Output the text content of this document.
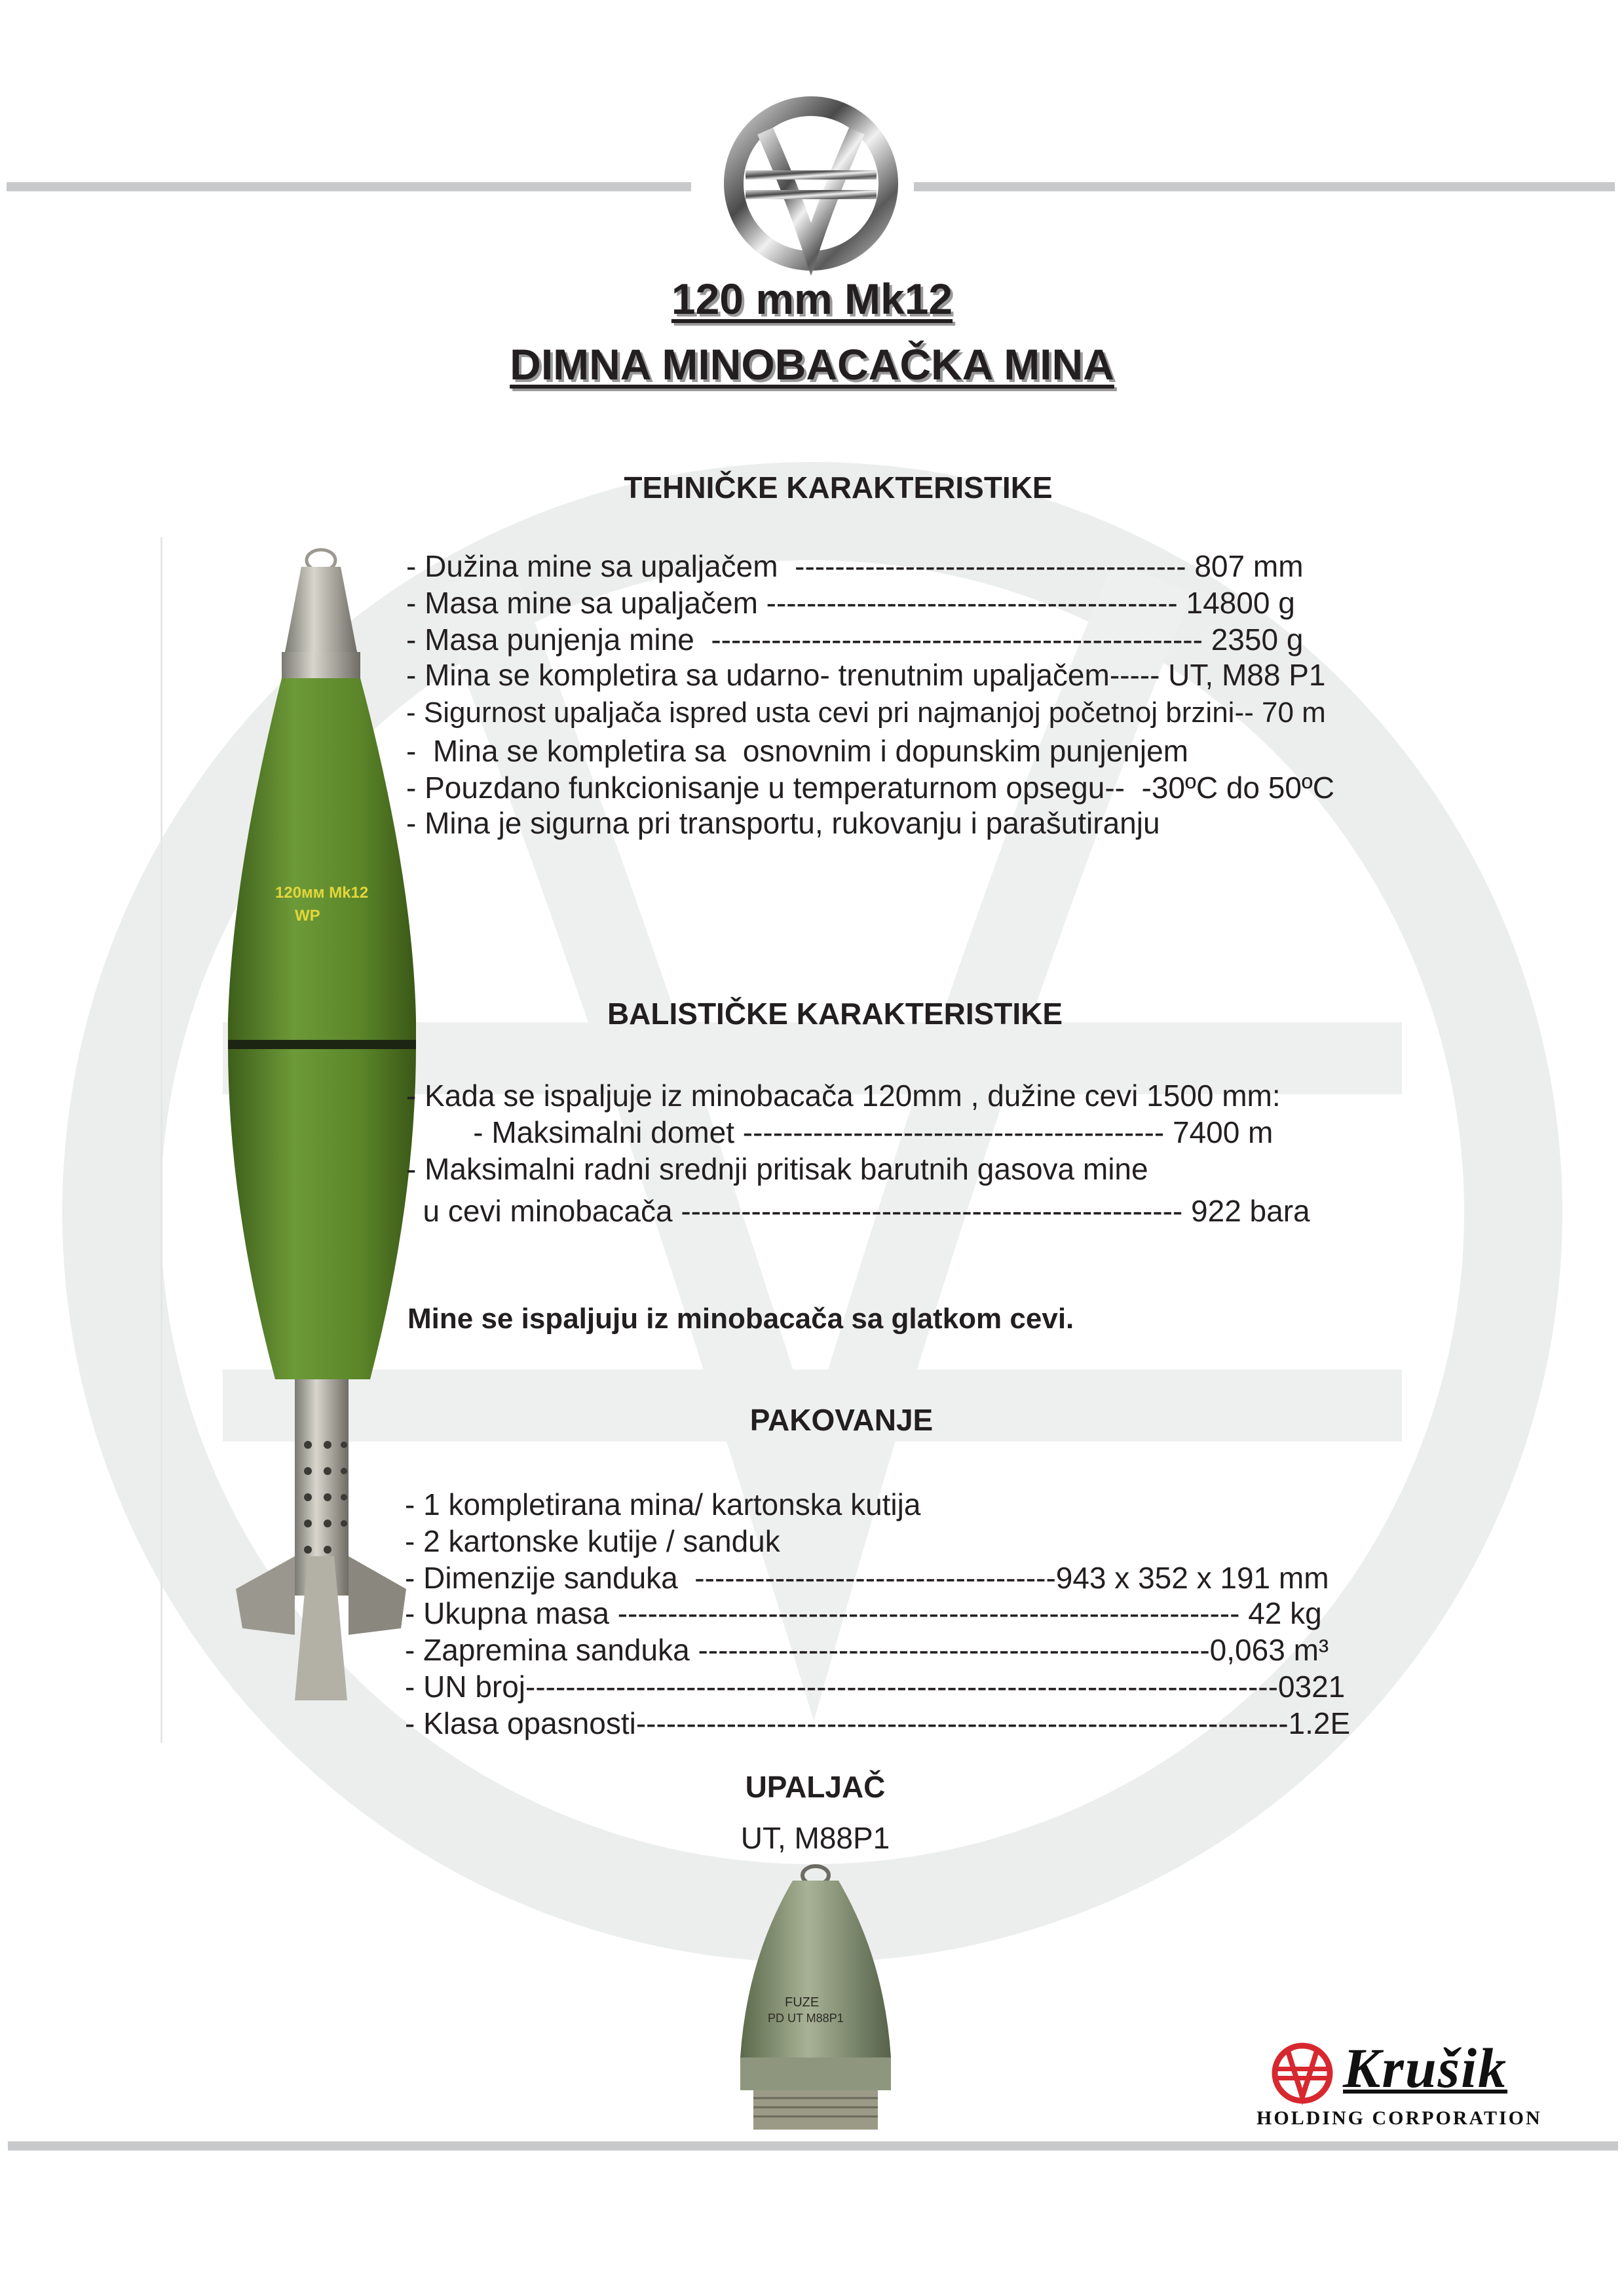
120 mm Mk12
DIMNA MINOBACAČKA MINA
120мм Mk12
WP
TEHNIČKE KARAKTERISTIKE
- Dužina mine sa upaljačem  --------------------------------------- 807 mm
- Masa mine sa upaljačem ----------------------------------------- 14800 g
- Masa punjenja mine  ------------------------------------------------- 2350 g
- Mina se kompletira sa udarno- trenutnim upaljačem----- UT, M88 P1
- Sigurnost upaljača ispred usta cevi pri najmanjoj početnoj brzini-- 70 m
-  Mina se kompletira sa  osnovnim i dopunskim punjenjem
- Pouzdano funkcionisanje u temperaturnom opsegu--  -30ºC do 50ºC
- Mina je sigurna pri transportu, rukovanju i parašutiranju
BALISTIČKE KARAKTERISTIKE
- Kada se ispaljuje iz minobacača 120mm , dužine cevi 1500 mm:
- Maksimalni domet ------------------------------------------ 7400 m
- Maksimalni radni srednji pritisak barutnih gasova mine
u cevi minobacača -------------------------------------------------- 922 bara
Mine se ispaljuju iz minobacača sa glatkom cevi.
PAKOVANJE
- 1 kompletirana mina/ kartonska kutija
- 2 kartonske kutije / sanduk
- Dimenzije sanduka  ------------------------------------943 x 352 x 191 mm
- Ukupna masa -------------------------------------------------------------- 42 kg
- Zapremina sanduka ---------------------------------------------------0,063 m³
- UN broj---------------------------------------------------------------------------0321
- Klasa opasnosti-----------------------------------------------------------------1.2E
UPALJAČ
UT, M88P1
FUZE
PD UT M88P1
Krušik
HOLDING CORPORATION
